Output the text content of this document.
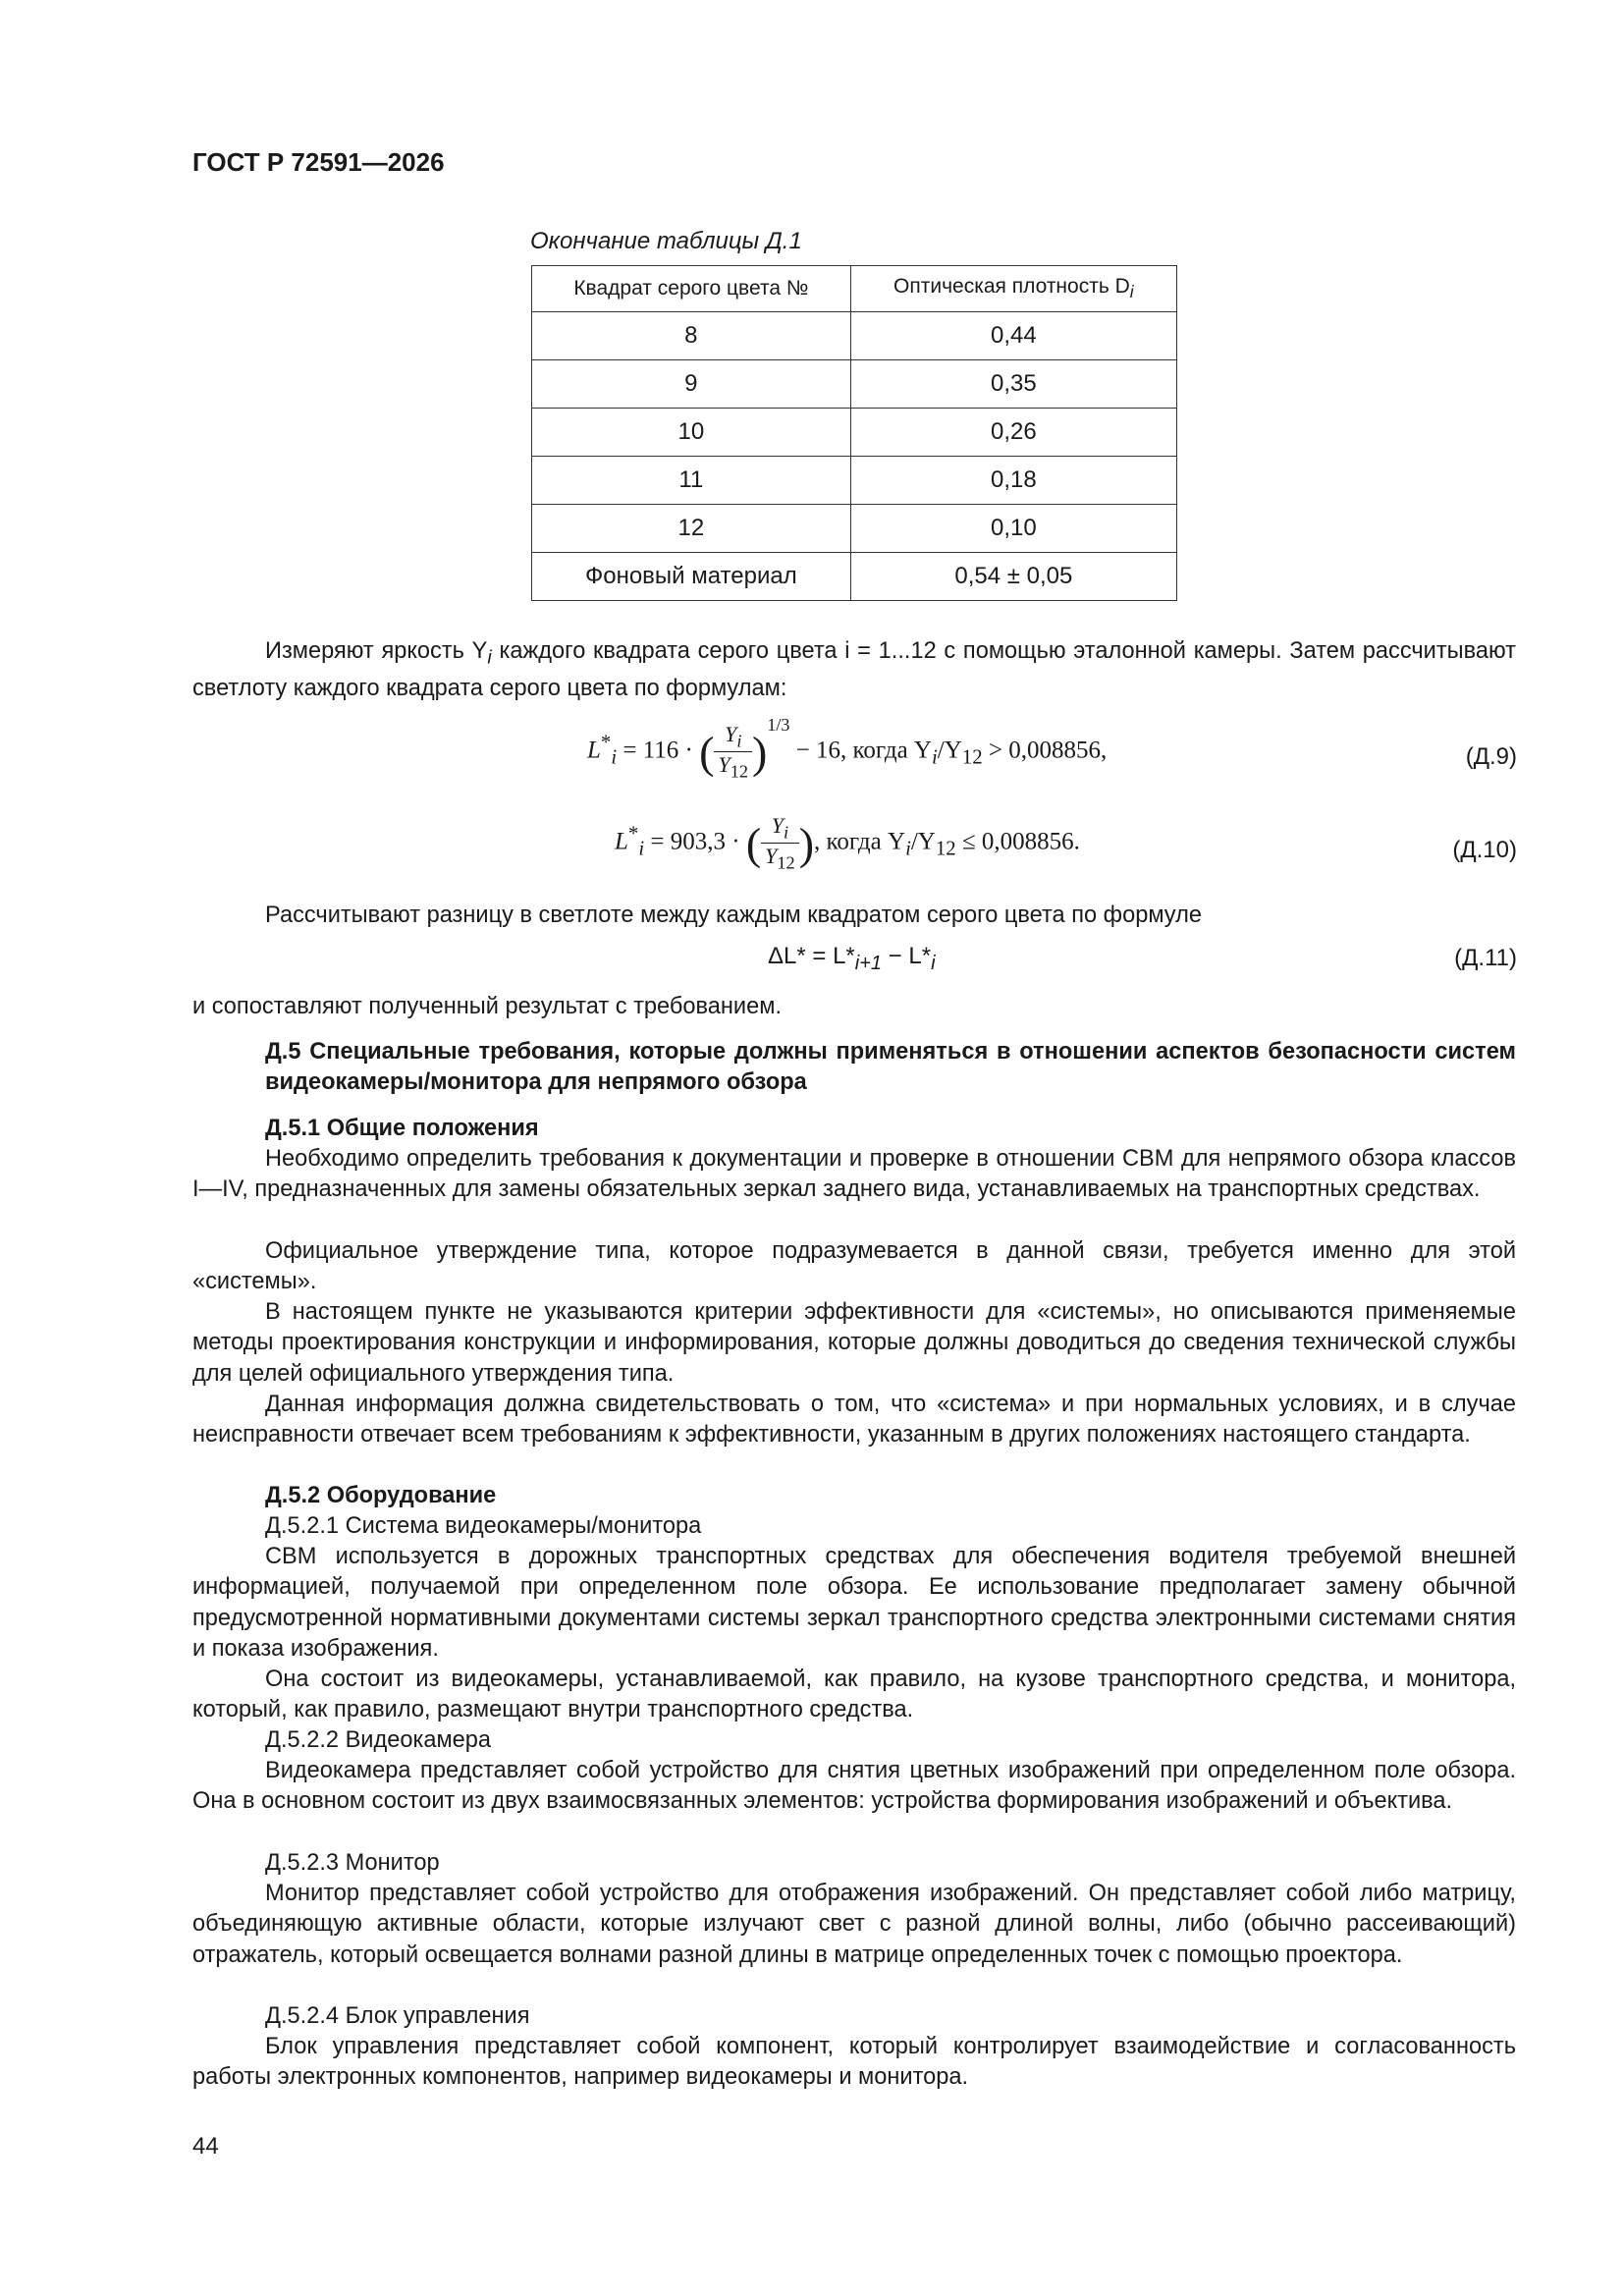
ГОСТ Р 72591—2026
Окончание таблицы Д.1
Квадрат серого цвета №	Оптическая плотность $D_i$
8	0,44
9	0,35
10	0,26
11	0,18
12	0,10
Фоновый материал	0,54 ± 0,05
Измеряют яркость $Y_i$ каждого квадрата серого цвета i = 1...12 с помощью эталонной камеры. Затем рассчитывают светлоту каждого квадрата серого цвета по формулам:
$L^*_i = 116$ · ( $\frac{Y_i}{Y_{12}} )^{1/3} - 16$, когда $Y_i/Y_{12} > 0,008856$,	(Д.9)
$L^*_i = 903,3$ · ( $\frac{Y_i}{Y_{12}}$ ), когда $Y_i/Y_{12} \le 0,008856$.	(Д.10)
Рассчитывают разницу в светлоте между каждым квадратом серого цвета по формуле
$\Delta L* = L*_{i+1} - L*_i$	(Д.11)
и сопоставляют полученный результат с требованием.
Д.5 Специальные требования, которые должны применяться в отношении аспектов безопасности систем видеокамеры/монитора для непрямого обзора
Д.5.1 Общие положения
Необходимо определить требования к документации и проверке в отношении СВМ для непрямого обзора классов I—IV, предназначенных для замены обязательных зеркал заднего вида, устанавливаемых на транспортных средствах.
Официальное утверждение типа, которое подразумевается в данной связи, требуется именно для этой «системы».
В настоящем пункте не указываются критерии эффективности для «системы», но описываются применяемые методы проектирования конструкции и информирования, которые должны доводиться до сведения технической службы для целей официального утверждения типа.
Данная информация должна свидетельствовать о том, что «система» и при нормальных условиях, и в случае неисправности отвечает всем требованиям к эффективности, указанным в других положениях настоящего стандарта.
Д.5.2 Оборудование
Д.5.2.1 Система видеокамеры/монитора
СВМ используется в дорожных транспортных средствах для обеспечения водителя требуемой внешней информацией, получаемой при определенном поле обзора. Ее использование предполагает замену обычной предусмотренной нормативными документами системы зеркал транспортного средства электронными системами снятия и показа изображения.
Она состоит из видеокамеры, устанавливаемой, как правило, на кузове транспортного средства, и монитора, который, как правило, размещают внутри транспортного средства.
Д.5.2.2 Видеокамера
Видеокамера представляет собой устройство для снятия цветных изображений при определенном поле обзора. Она в основном состоит из двух взаимосвязанных элементов: устройства формирования изображений и объектива.
Д.5.2.3 Монитор
Монитор представляет собой устройство для отображения изображений. Он представляет собой либо матрицу, объединяющую активные области, которые излучают свет с разной длиной волны, либо (обычно рассеивающий) отражатель, который освещается волнами разной длины в матрице определенных точек с помощью проектора.
Д.5.2.4 Блок управления
Блок управления представляет собой компонент, который контролирует взаимодействие и согласованность работы электронных компонентов, например видеокамеры и монитора.
44
